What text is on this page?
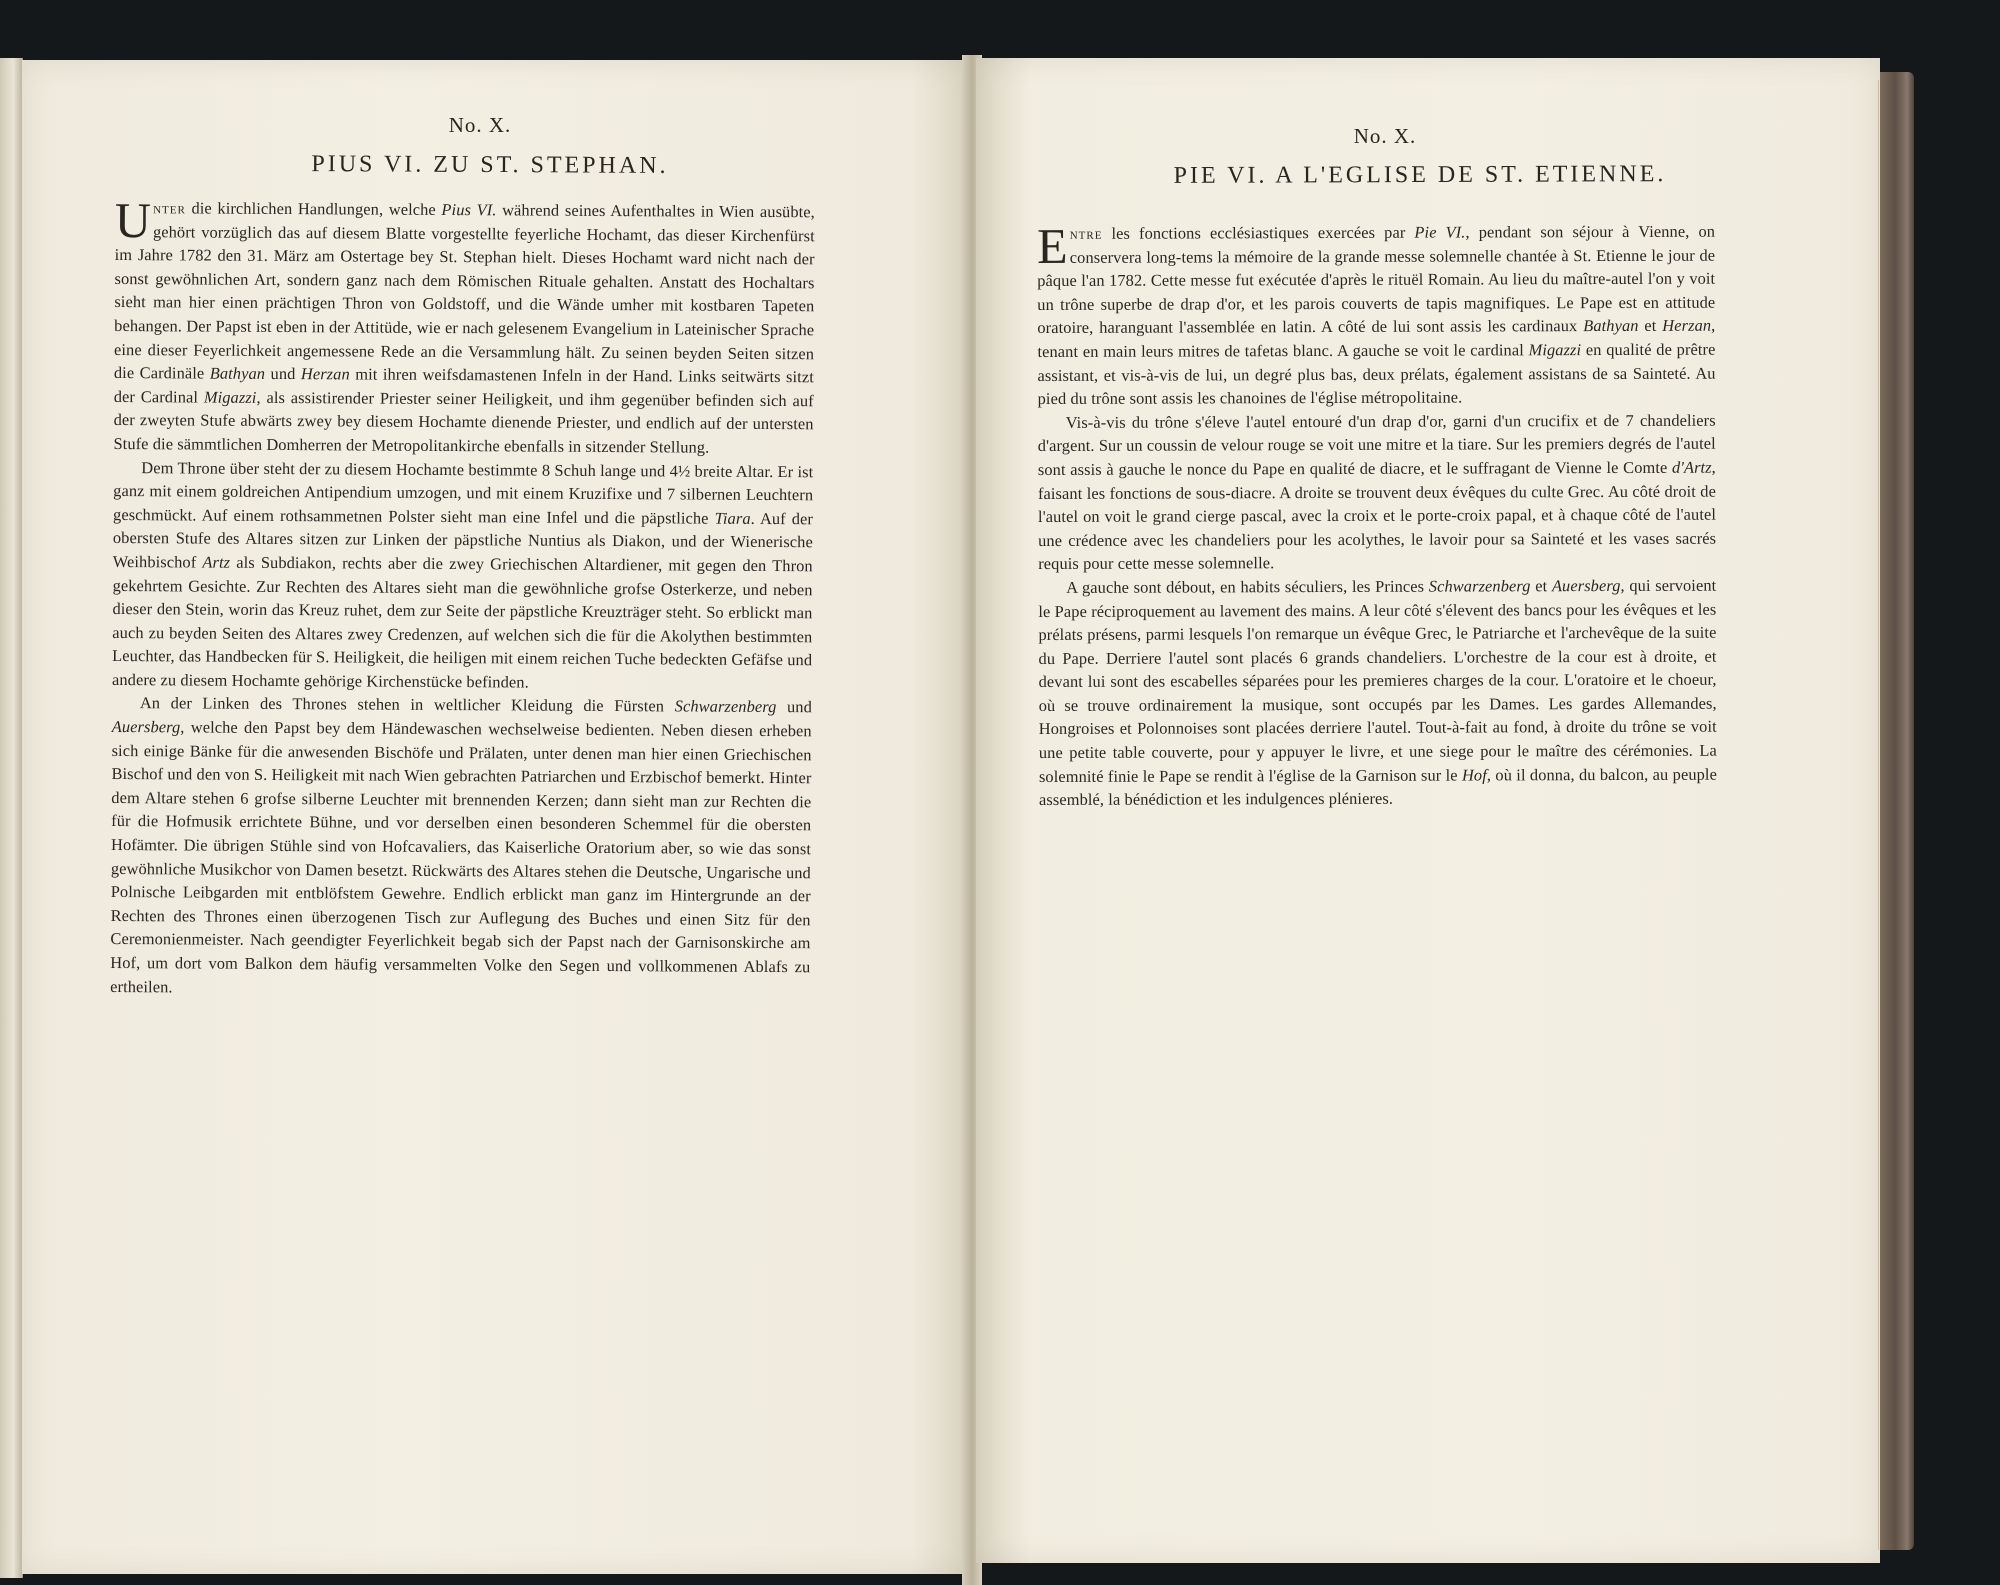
No. X.
PIUS VI. ZU ST. STEPHAN.

Unter die kirchlichen Handlungen, welche Pius VI. während seines Aufenthaltes in Wien ausübte, gehört vorzüglich das auf diesem Blatte vorgestellte feyerliche Hochamt, das dieser Kirchenfürst im Jahre 1782 den 31. März am Ostertage bey St. Stephan hielt. Dieses Hochamt ward nicht nach der sonst gewöhnlichen Art, sondern ganz nach dem Römischen Rituale gehalten. Anstatt des Hochaltars sieht man hier einen prächtigen Thron von Goldstoff, und die Wände umher mit kostbaren Tapeten behangen. Der Papst ist eben in der Attitüde, wie er nach gelesenem Evangelium in Lateinischer Sprache eine dieser Feyerlichkeit angemessene Rede an die Versammlung hält. Zu seinen beyden Seiten sitzen die Cardinäle Bathyan und Herzan mit ihren weifsdamastenen Infeln in der Hand. Links seitwärts sitzt der Cardinal Migazzi, als assistirender Priester seiner Heiligkeit, und ihm gegenüber befinden sich auf der zweyten Stufe abwärts zwey bey diesem Hochamte dienende Priester, und endlich auf der untersten Stufe die sämmtlichen Domherren der Metropolitankirche ebenfalls in sitzender Stellung.

Dem Throne über steht der zu diesem Hochamte bestimmte 8 Schuh lange und 4½ breite Altar. Er ist ganz mit einem goldreichen Antipendium umzogen, und mit einem Kruzifixe und 7 silbernen Leuchtern geschmückt. Auf einem rothsammetnen Polster sieht man eine Infel und die päpstliche Tiara. Auf der obersten Stufe des Altares sitzen zur Linken der päpstliche Nuntius als Diakon, und der Wienerische Weihbischof Artz als Subdiakon, rechts aber die zwey Griechischen Altardiener, mit gegen den Thron gekehrtem Gesichte. Zur Rechten des Altares sieht man die gewöhnliche grofse Osterkerze, und neben dieser den Stein, worin das Kreuz ruhet, dem zur Seite der päpstliche Kreuzträger steht. So erblickt man auch zu beyden Seiten des Altares zwey Credenzen, auf welchen sich die für die Akolythen bestimmten Leuchter, das Handbecken für S. Heiligkeit, die heiligen mit einem reichen Tuche bedeckten Gefäfse und andere zu diesem Hochamte gehörige Kirchenstücke befinden.

An der Linken des Thrones stehen in weltlicher Kleidung die Fürsten Schwarzenberg und Auersberg, welche den Papst bey dem Händewaschen wechselweise bedienten. Neben diesen erheben sich einige Bänke für die anwesenden Bischöfe und Prälaten, unter denen man hier einen Griechischen Bischof und den von S. Heiligkeit mit nach Wien gebrachten Patriarchen und Erzbischof bemerkt. Hinter dem Altare stehen 6 grofse silberne Leuchter mit brennenden Kerzen; dann sieht man zur Rechten die für die Hofmusik errichtete Bühne, und vor derselben einen besonderen Schemmel für die obersten Hofämter. Die übrigen Stühle sind von Hofcavaliers, das Kaiserliche Oratorium aber, so wie das sonst gewöhnliche Musikchor von Damen besetzt. Rückwärts des Altares stehen die Deutsche, Ungarische und Polnische Leibgarden mit entblöfstem Gewehre. Endlich erblickt man ganz im Hintergrunde an der Rechten des Thrones einen überzogenen Tisch zur Auflegung des Buches und einen Sitz für den Ceremonienmeister. Nach geendigter Feyerlichkeit begab sich der Papst nach der Garnisonskirche am Hof, um dort vom Balkon dem häufig versammelten Volke den Segen und vollkommenen Ablafs zu ertheilen.

No. X.
PIE VI. A L'EGLISE DE ST. ETIENNE.

Entre les fonctions ecclésiastiques exercées par Pie VI., pendant son séjour à Vienne, on conservera long-tems la mémoire de la grande messe solemnelle chantée à St. Etienne le jour de pâque l'an 1782. Cette messe fut exécutée d'après le rituël Romain. Au lieu du maître-autel l'on y voit un trône superbe de drap d'or, et les parois couverts de tapis magnifiques. Le Pape est en attitude oratoire, haranguant l'assemblée en latin. A côté de lui sont assis les cardinaux Bathyan et Herzan, tenant en main leurs mitres de tafetas blanc. A gauche se voit le cardinal Migazzi en qualité de prêtre assistant, et vis-à-vis de lui, un degré plus bas, deux prélats, également assistans de sa Sainteté. Au pied du trône sont assis les chanoines de l'église métropolitaine.

Vis-à-vis du trône s'éleve l'autel entouré d'un drap d'or, garni d'un crucifix et de 7 chandeliers d'argent. Sur un coussin de velour rouge se voit une mitre et la tiare. Sur les premiers degrés de l'autel sont assis à gauche le nonce du Pape en qualité de diacre, et le suffragant de Vienne le Comte d'Artz, faisant les fonctions de sous-diacre. A droite se trouvent deux évêques du culte Grec. Au côté droit de l'autel on voit le grand cierge pascal, avec la croix et le porte-croix papal, et à chaque côté de l'autel une crédence avec les chandeliers pour les acolythes, le lavoir pour sa Sainteté et les vases sacrés requis pour cette messe solemnelle.

A gauche sont débout, en habits séculiers, les Princes Schwarzenberg et Auersberg, qui servoient le Pape réciproquement au lavement des mains. A leur côté s'élevent des bancs pour les évêques et les prélats présens, parmi lesquels l'on remarque un évêque Grec, le Patriarche et l'archevêque de la suite du Pape. Derriere l'autel sont placés 6 grands chandeliers. L'orchestre de la cour est à droite, et devant lui sont des escabelles séparées pour les premieres charges de la cour. L'oratoire et le choeur, où se trouve ordinairement la musique, sont occupés par les Dames. Les gardes Allemandes, Hongroises et Polonnoises sont placées derriere l'autel. Tout-à-fait au fond, à droite du trône se voit une petite table couverte, pour y appuyer le livre, et une siege pour le maître des cérémonies. La solemnité finie le Pape se rendit à l'église de la Garnison sur le Hof, où il donna, du balcon, au peuple assemblé, la bénédiction et les indulgences plénieres.
